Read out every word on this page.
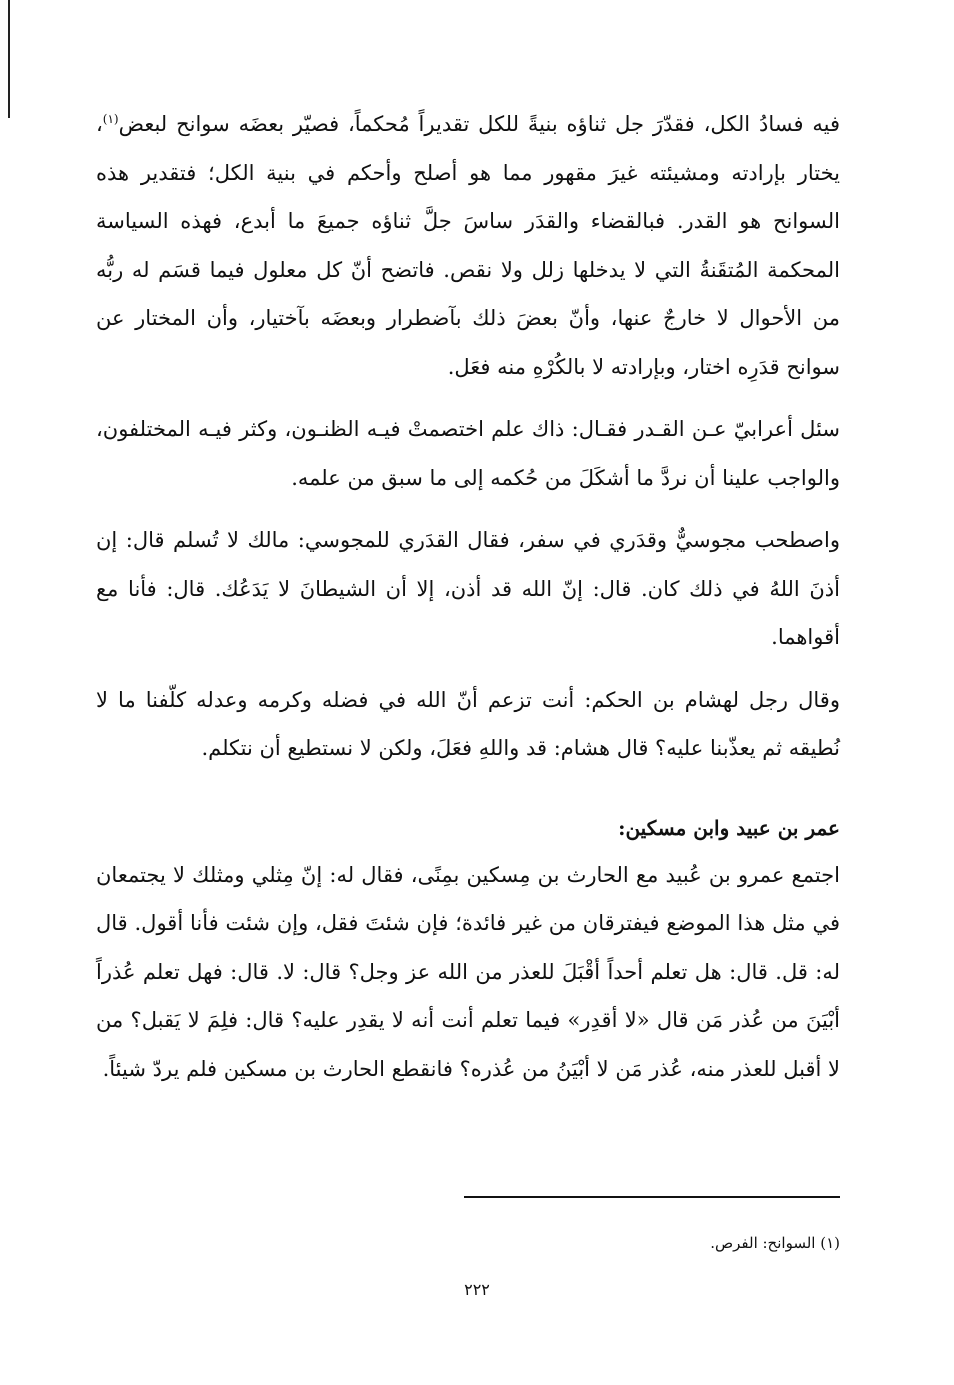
فيه فسادُ الكل، فقدّرَ جل ثناؤه بنيةً للكل تقديراً مُحكماً، فصيّر بعضَه سوانح لبعض$^{(١)}$، يختار بإرادته ومشيئته غيرَ مقهور مما هو أصلح وأحكم في بنية الكل؛ فتقدير هذه السوانح هو القدر. فبالقضاء والقدَر ساسَ جلَّ ثناؤه جميعَ ما أبدع، فهذه السياسة المحكمة المُتقَنةُ التي لا يدخلها زلل ولا نقص. فاتضح أنّ كل معلول فيما قسَم له ربُّه من الأحوال لا خارجٌ عنها، وأنّ بعضَ ذلك بآضطرار وبعضَه بآختيار، وأن المختار عن سوانح قدَرِه اختار، وبإرادته لا بالكُرْهِ منه فعَل.

سئل أعرابيّ عـن القـدر فقـال: ذاك علم اختصمتْ فيـه الظنـون، وكثر فيـه المختلفون، والواجب علينا أن نردَّ ما أشكَلَ من حُكمه إلى ما سبق من علمه.

واصطحب مجوسيٌّ وقدَري في سفر، فقال القدَري للمجوسي: مالك لا تُسلم قال: إن أذنَ اللهُ في ذلك كان. قال: إنّ الله قد أذن، إلا أن الشيطانَ لا يَدَعُك. قال: فأنا مع أقواهما.

وقال رجل لهشام بن الحكم: أنت تزعم أنّ الله في فضله وكرمه وعدله كلّفنا ما لا نُطيقه ثم يعذّبنا عليه؟ قال هشام: قد واللهِ فعَلَ، ولكن لا نستطيع أن نتكلم.

عمر بن عبيد وابن مسكين:

اجتمع عمرو بن عُبيد مع الحارث بن مِسكين بمِنًى، فقال له: إنّ مِثلي ومثلك لا يجتمعان في مثل هذا الموضع فيفترقان من غير فائدة؛ فإن شئتَ فقل، وإن شئت فأنا أقول. قال له: قل. قال: هل تعلم أحداً أقْبَلَ للعذر من الله عز وجل؟ قال: لا. قال: فهل تعلم عُذراً أبْيَنَ من عُذر مَن قال «لا أقدِر» فيما تعلم أنت أنه لا يقدِر عليه؟ قال: فلِمَ لا يَقبل؟ من لا أقبل للعذر منه، عُذر مَن لا أبْيَنُ من عُذره؟ فانقطع الحارث بن مسكين فلم يردّ شيئاً.

(١) السوانح: الفرص.
٢٢٢
